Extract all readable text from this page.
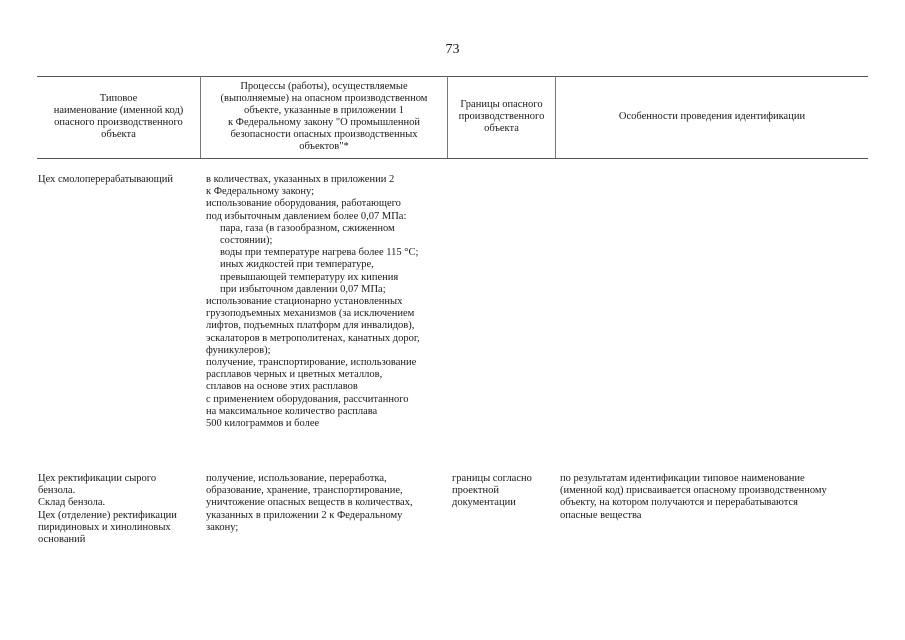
73
Типовое
наименование (именной код)
опасного производственного
объекта
Процессы (работы), осуществляемые
(выполняемые) на опасном производственном
объекте, указанные в приложении 1
к Федеральному закону "О промышленной
безопасности опасных производственных
объектов"*
Границы опасного
производственного
объекта
Особенности проведения идентификации
Цех смолоперерабатывающий	в количествах, указанных в приложении 2
к Федеральному закону;
использование оборудования, работающего
под избыточным давлением более 0,07 МПа:
пара, газа (в газообразном, сжиженном
состоянии);
воды при температуре нагрева более 115 °С;
иных жидкостей при температуре,
превышающей температуру их кипения
при избыточном давлении 0,07 МПа;
использование стационарно установленных
грузоподъемных механизмов (за исключением
лифтов, подъемных платформ для инвалидов),
эскалаторов в метрополитенах, канатных дорог,
фуникулеров);
получение, транспортирование, использование
расплавов черных и цветных металлов,
сплавов на основе этих расплавов
с применением оборудования, рассчитанного
на максимальное количество расплава
500 килограммов и более
Цех ректификации сырого
бензола.
Склад бензола.
Цех (отделение) ректификации
пиридиновых и хинолиновых
оснований
получение, использование, переработка,
образование, хранение, транспортирование,
уничтожение опасных веществ в количествах,
указанных в приложении 2 к Федеральному
закону;
границы согласно
проектной
документации
по результатам идентификации типовое наименование
(именной код) присваивается опасному производственному
объекту, на котором получаются и перерабатываются
опасные вещества
